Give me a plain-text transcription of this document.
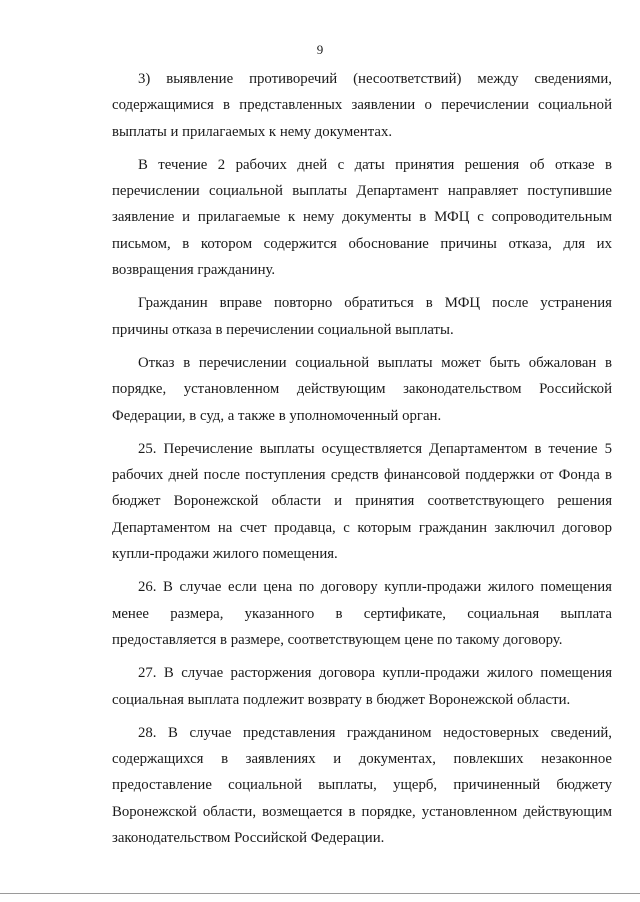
9

3) выявление противоречий (несоответствий) между сведениями, содержащимися в представленных заявлении о перечислении социальной выплаты и прилагаемых к нему документах.

В течение 2 рабочих дней с даты принятия решения об отказе в перечислении социальной выплаты Департамент направляет поступившие заявление и прилагаемые к нему документы в МФЦ с сопроводительным письмом, в котором содержится обоснование причины отказа, для их возвращения гражданину.

Гражданин вправе повторно обратиться в МФЦ после устранения причины отказа в перечислении социальной выплаты.

Отказ в перечислении социальной выплаты может быть обжалован в порядке, установленном действующим законодательством Российской Федерации, в суд, а также в уполномоченный орган.

25. Перечисление выплаты осуществляется Департаментом в течение 5 рабочих дней после поступления средств финансовой поддержки от Фонда в бюджет Воронежской области и принятия соответствующего решения Департаментом на счет продавца, с которым гражданин заключил договор купли-продажи жилого помещения.

26. В случае если цена по договору купли-продажи жилого помещения менее размера, указанного в сертификате, социальная выплата предоставляется в размере, соответствующем цене по такому договору.

27. В случае расторжения договора купли-продажи жилого помещения социальная выплата подлежит возврату в бюджет Воронежской области.

28. В случае представления гражданином недостоверных сведений, содержащихся в заявлениях и документах, повлекших незаконное предоставление социальной выплаты, ущерб, причиненный бюджету Воронежской области, возмещается в порядке, установленном действующим законодательством Российской Федерации.
